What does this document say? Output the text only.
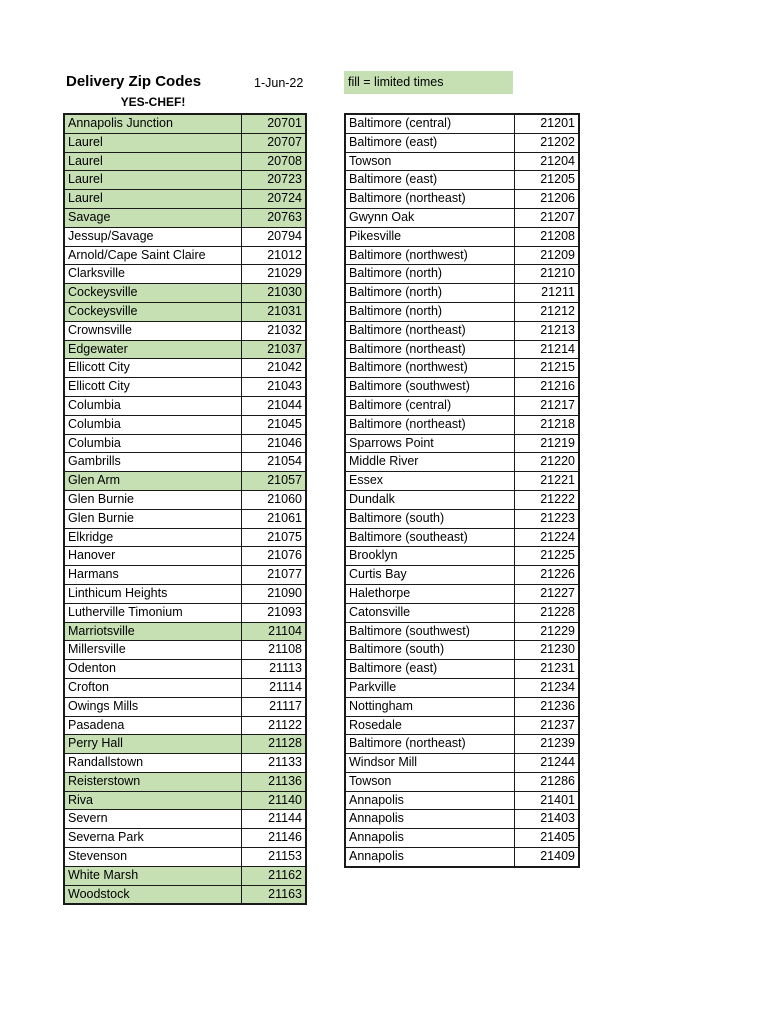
Delivery Zip Codes	1-Jun-22	fill = limited times
YES-CHEF!
Annapolis Junction	20701
Laurel	20707
Laurel	20708
Laurel	20723
Laurel	20724
Savage	20763
Jessup/Savage	20794
Arnold/Cape Saint Claire	21012
Clarksville	21029
Cockeysville	21030
Cockeysville	21031
Crownsville	21032
Edgewater	21037
Ellicott City	21042
Ellicott City	21043
Columbia	21044
Columbia	21045
Columbia	21046
Gambrills	21054
Glen Arm	21057
Glen Burnie	21060
Glen Burnie	21061
Elkridge	21075
Hanover	21076
Harmans	21077
Linthicum Heights	21090
Lutherville Timonium	21093
Marriotsville	21104
Millersville	21108
Odenton	21113
Crofton	21114
Owings Mills	21117
Pasadena	21122
Perry Hall	21128
Randallstown	21133
Reisterstown	21136
Riva	21140
Severn	21144
Severna Park	21146
Stevenson	21153
White Marsh	21162
Woodstock	21163
Baltimore (central)	21201
Baltimore (east)	21202
Towson	21204
Baltimore (east)	21205
Baltimore (northeast)	21206
Gwynn Oak	21207
Pikesville	21208
Baltimore (northwest)	21209
Baltimore (north)	21210
Baltimore (north)	21211
Baltimore (north)	21212
Baltimore (northeast)	21213
Baltimore (northeast)	21214
Baltimore (northwest)	21215
Baltimore (southwest)	21216
Baltimore (central)	21217
Baltimore (northeast)	21218
Sparrows Point	21219
Middle River	21220
Essex	21221
Dundalk	21222
Baltimore (south)	21223
Baltimore (southeast)	21224
Brooklyn	21225
Curtis Bay	21226
Halethorpe	21227
Catonsville	21228
Baltimore (southwest)	21229
Baltimore (south)	21230
Baltimore (east)	21231
Parkville	21234
Nottingham	21236
Rosedale	21237
Baltimore (northeast)	21239
Windsor Mill	21244
Towson	21286
Annapolis	21401
Annapolis	21403
Annapolis	21405
Annapolis	21409
